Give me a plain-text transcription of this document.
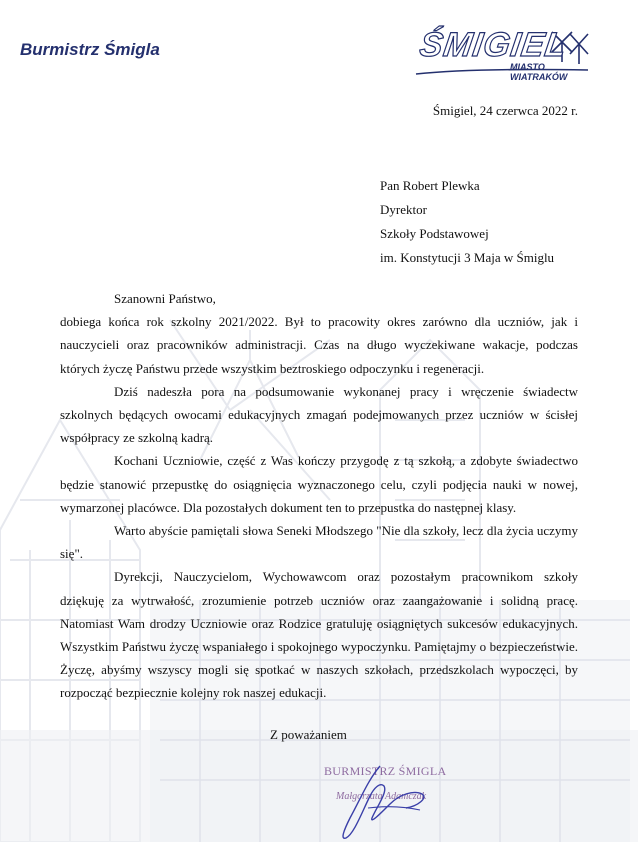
Burmistrz Śmigla	ŚMIGIEL
MIASTO WIATRAKÓW
Śmigiel, 24 czerwca 2022 r.
Pan Robert Plewka
Dyrektor
Szkoły Podstawowej
im. Konstytucji 3 Maja w Śmiglu

Szanowni Państwo,

dobiega końca rok szkolny 2021/2022. Był to pracowity okres zarówno dla uczniów, jak i nauczycieli oraz pracowników administracji. Czas na długo wyczekiwane wakacje, podczas których życzę Państwu przede wszystkim beztroskiego odpoczynku i regeneracji.

Dziś nadeszła pora na podsumowanie wykonanej pracy i wręczenie świadectw szkolnych będących owocami edukacyjnych zmagań podejmowanych przez uczniów w ścisłej współpracy ze szkolną kadrą.

Kochani Uczniowie, część z Was kończy przygodę z tą szkołą, a zdobyte świadectwo będzie stanowić przepustkę do osiągnięcia wyznaczonego celu, czyli podjęcia nauki w nowej, wymarzonej placówce. Dla pozostałych dokument ten to przepustka do następnej klasy.

Warto abyście pamiętali słowa Seneki Młodszego "Nie dla szkoły, lecz dla życia uczymy się".

Dyrekcji, Nauczycielom, Wychowawcom oraz pozostałym pracownikom szkoły dziękuję za wytrwałość, zrozumienie potrzeb uczniów oraz zaangażowanie i solidną pracę. Natomiast Wam drodzy Uczniowie oraz Rodzice gratuluję osiągniętych sukcesów edukacyjnych. Wszystkim Państwu życzę wspaniałego i spokojnego wypoczynku. Pamiętajmy o bezpieczeństwie. Życzę, abyśmy wszyscy mogli się spotkać w naszych szkołach, przedszkolach wypoczęci, by rozpocząć bezpiecznie kolejny rok naszej edukacji.

Z poważaniem
BURMISTRZ ŚMIGLA
Małgorzata Adamczak
